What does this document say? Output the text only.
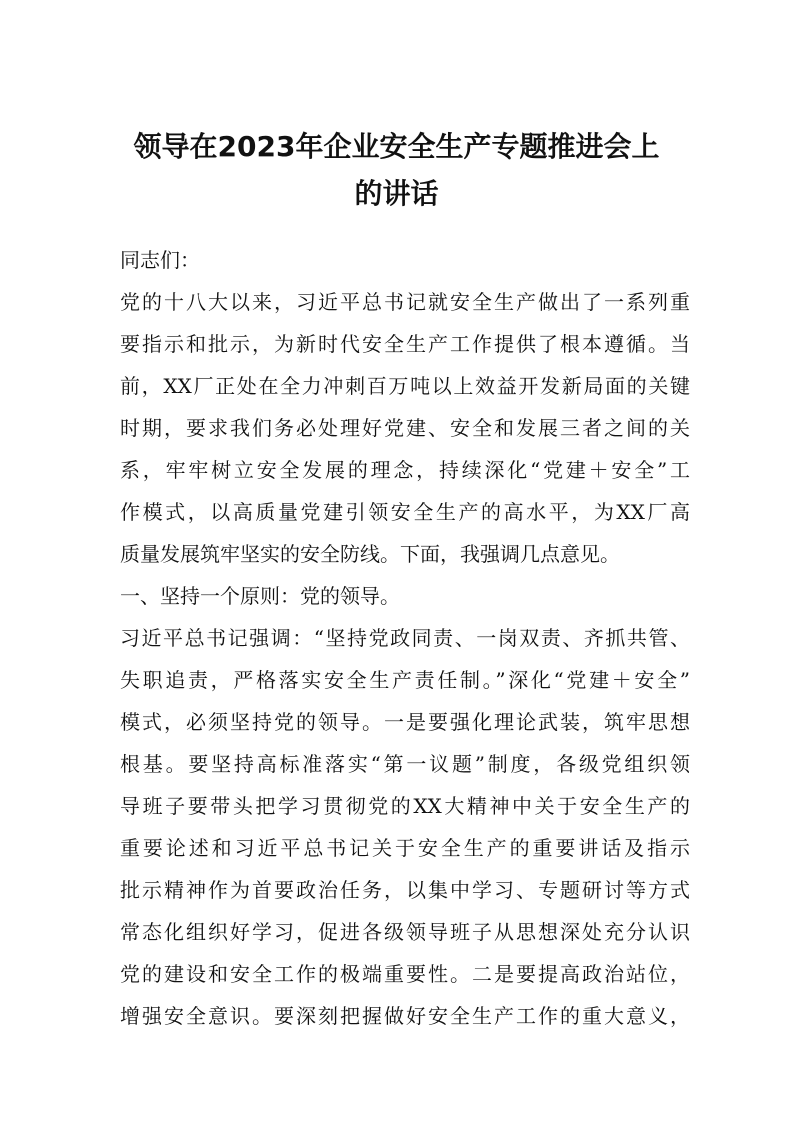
领导在2023年企业安全生产专题推进会上
的讲话

同志们：

党的十八大以来，习近平总书记就安全生产做出了一系列重

要指示和批示，为新时代安全生产工作提供了根本遵循。当

前，XX厂正处在全力冲刺百万吨以上效益开发新局面的关键

时期，要求我们务必处理好党建、安全和发展三者之间的关

系，牢牢树立安全发展的理念，持续深化“党建＋安全”工

作模式，以高质量党建引领安全生产的高水平，为XX厂高

质量发展筑牢坚实的安全防线。下面，我强调几点意见。

一、坚持一个原则：党的领导。

习近平总书记强调：“坚持党政同责、一岗双责、齐抓共管、

失职追责，严格落实安全生产责任制。”深化“党建＋安全”

模式，必须坚持党的领导。一是要强化理论武装，筑牢思想

根基。要坚持高标准落实“第一议题”制度，各级党组织领

导班子要带头把学习贯彻党的XX大精神中关于安全生产的

重要论述和习近平总书记关于安全生产的重要讲话及指示

批示精神作为首要政治任务，以集中学习、专题研讨等方式

常态化组织好学习，促进各级领导班子从思想深处充分认识

党的建设和安全工作的极端重要性。二是要提高政治站位，

增强安全意识。要深刻把握做好安全生产工作的重大意义，
